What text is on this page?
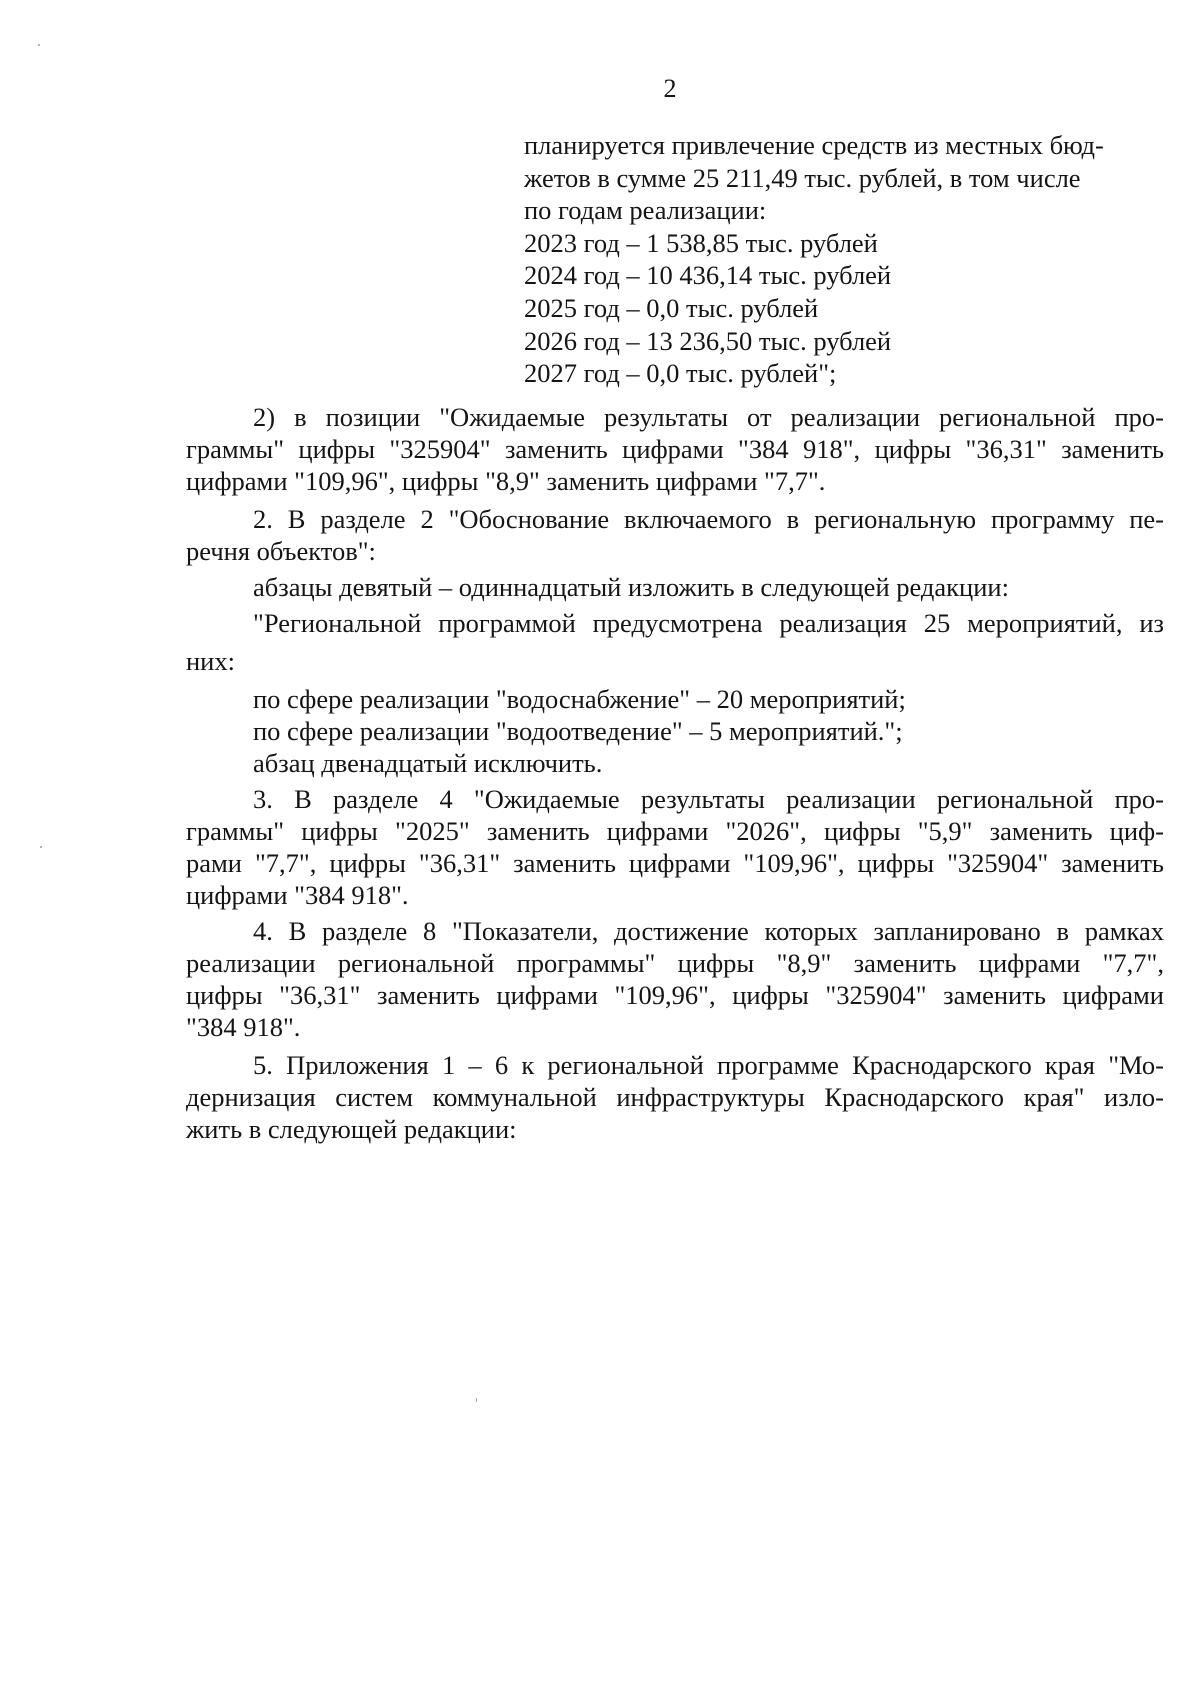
2
планируется привлечение средств из местных бюд-
жетов в сумме 25 211,49 тыс. рублей, в том числе
по годам реализации:
2023 год – 1 538,85 тыс. рублей
2024 год – 10 436,14 тыс. рублей
2025 год – 0,0 тыс. рублей
2026 год – 13 236,50 тыс. рублей
2027 год – 0,0 тыс. рублей";
2) в позиции "Ожидаемые результаты от реализации региональной про-
граммы" цифры "325904" заменить цифрами "384 918", цифры "36,31" заменить
цифрами "109,96", цифры "8,9" заменить цифрами "7,7".
2. В разделе 2 "Обоснование включаемого в региональную программу пе-
речня объектов":
абзацы девятый – одиннадцатый изложить в следующей редакции:
"Региональной программой предусмотрена реализация 25 мероприятий, из
них:
по сфере реализации "водоснабжение" – 20 мероприятий;
по сфере реализации "водоотведение" – 5 мероприятий.";
абзац двенадцатый исключить.
3. В разделе 4 "Ожидаемые результаты реализации региональной про-
граммы" цифры "2025" заменить цифрами "2026", цифры "5,9" заменить циф-
рами "7,7", цифры "36,31" заменить цифрами "109,96", цифры "325904" заменить
цифрами "384 918".
4. В разделе 8 "Показатели, достижение которых запланировано в рамках
реализации региональной программы" цифры "8,9" заменить цифрами "7,7",
цифры "36,31" заменить цифрами "109,96", цифры "325904" заменить цифрами
"384 918".
5. Приложения 1 – 6 к региональной программе Краснодарского края "Мо-
дернизация систем коммунальной инфраструктуры Краснодарского края" изло-
жить в следующей редакции:
